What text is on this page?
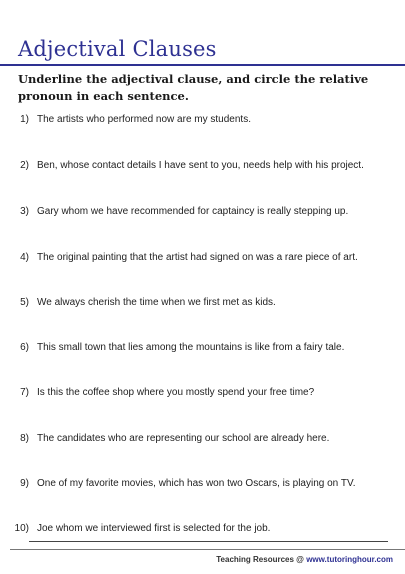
Adjectival Clauses

Underline the adjectival clause, and circle the relative pronoun in each sentence.

1) The artists who performed now are my students.
2) Ben, whose contact details I have sent to you, needs help with his project.
3) Gary whom we have recommended for captaincy is really stepping up.
4) The original painting that the artist had signed on was a rare piece of art.
5) We always cherish the time when we first met as kids.
6) This small town that lies among the mountains is like from a fairy tale.
7) Is this the coffee shop where you mostly spend your free time?
8) The candidates who are representing our school are already here.
9) One of my favorite movies, which has won two Oscars, is playing on TV.
10) Joe whom we interviewed first is selected for the job.
Teaching Resources @ www.tutoringhour.com
